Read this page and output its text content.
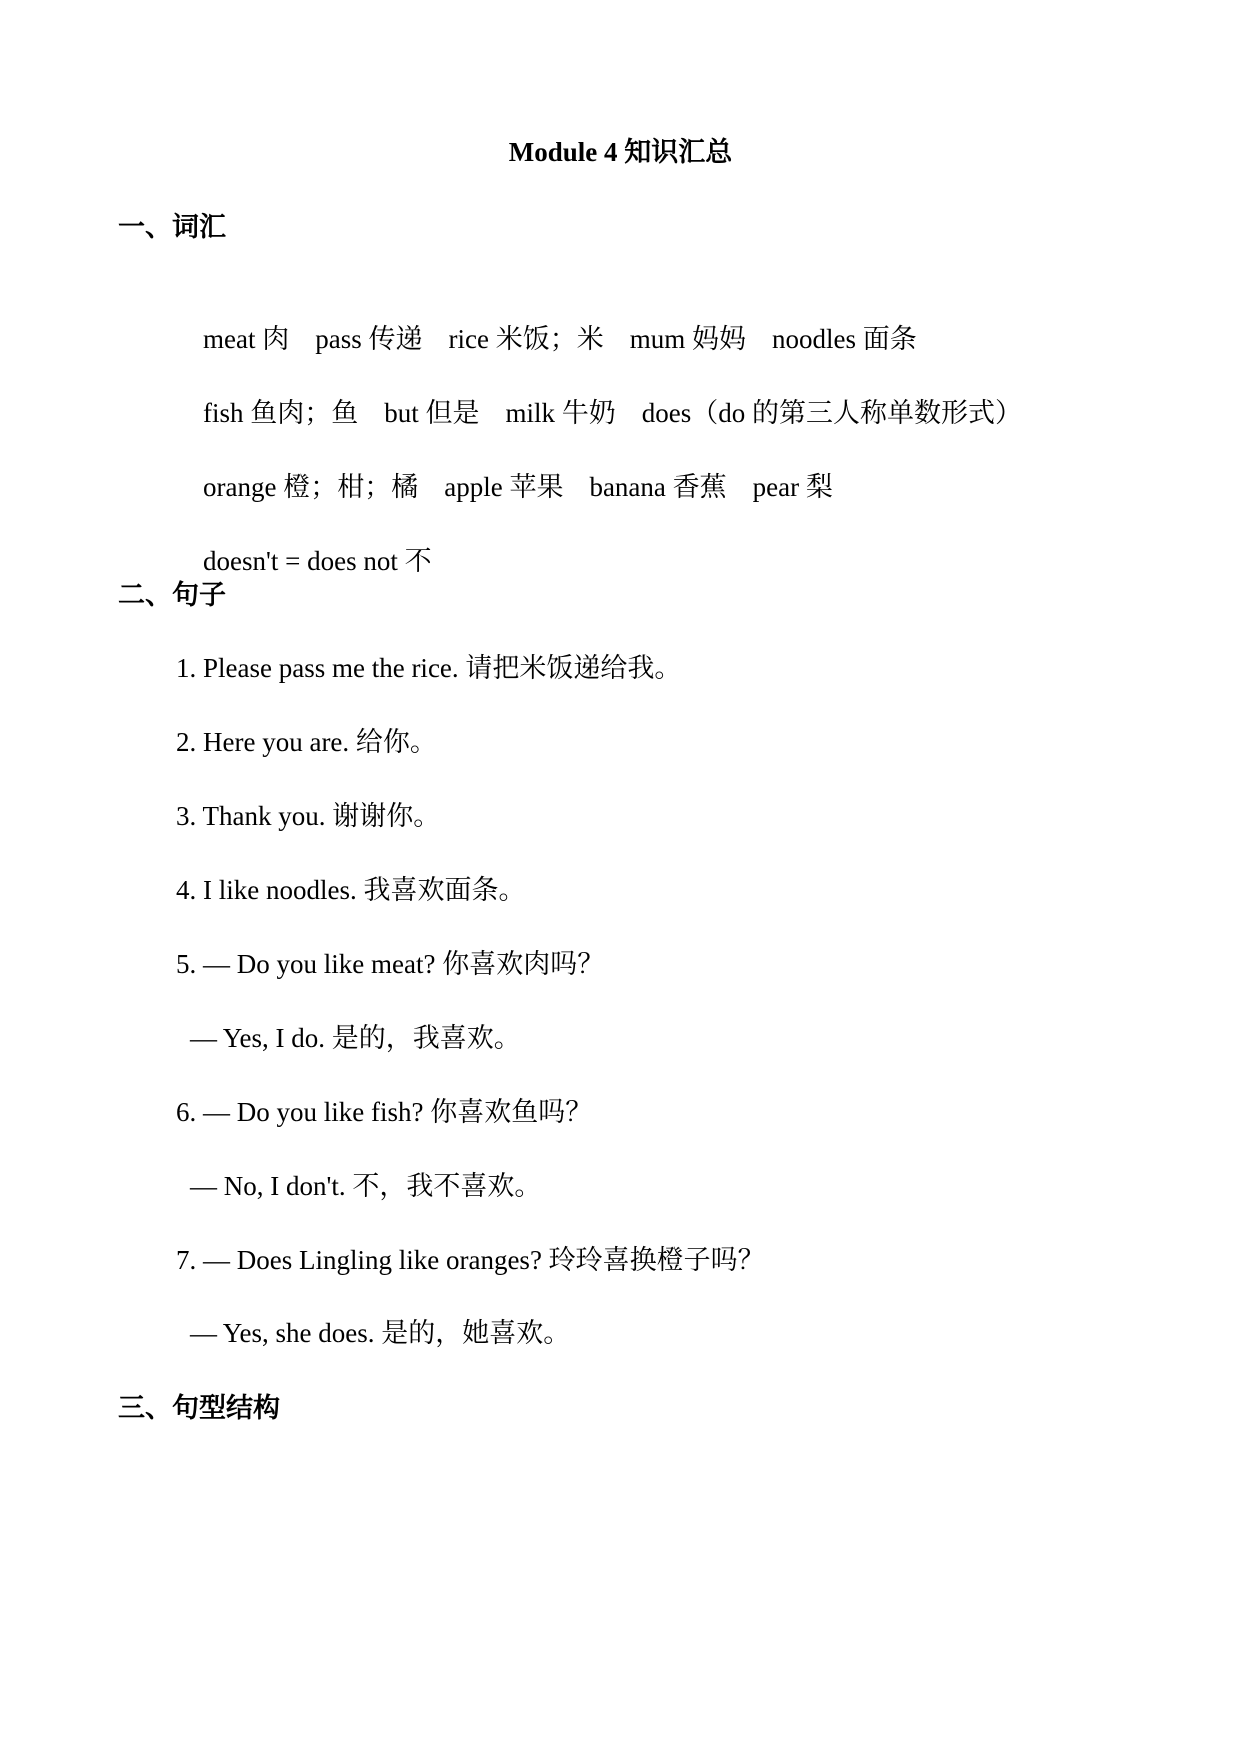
Module 4 知识汇总
一、词汇

meat 肉 pass 传递 rice 米饭；米 mum 妈妈 noodles 面条

fish 鱼肉；鱼 but 但是 milk 牛奶 does（do 的第三人称单数形式）

orange 橙；柑；橘 apple 苹果 banana 香蕉 pear 梨

doesn't = does not 不

二、句子

1. Please pass me the rice. 请把米饭递给我。

2. Here you are. 给你。

3. Thank you. 谢谢你。

4. I like noodles. 我喜欢面条。

5. — Do you like meat? 你喜欢肉吗？

— Yes, I do. 是的，我喜欢。

6. — Do you like fish? 你喜欢鱼吗？

— No, I don't. 不，我不喜欢。

7. — Does Lingling like oranges? 玲玲喜换橙子吗？

— Yes, she does. 是的，她喜欢。

三、句型结构
